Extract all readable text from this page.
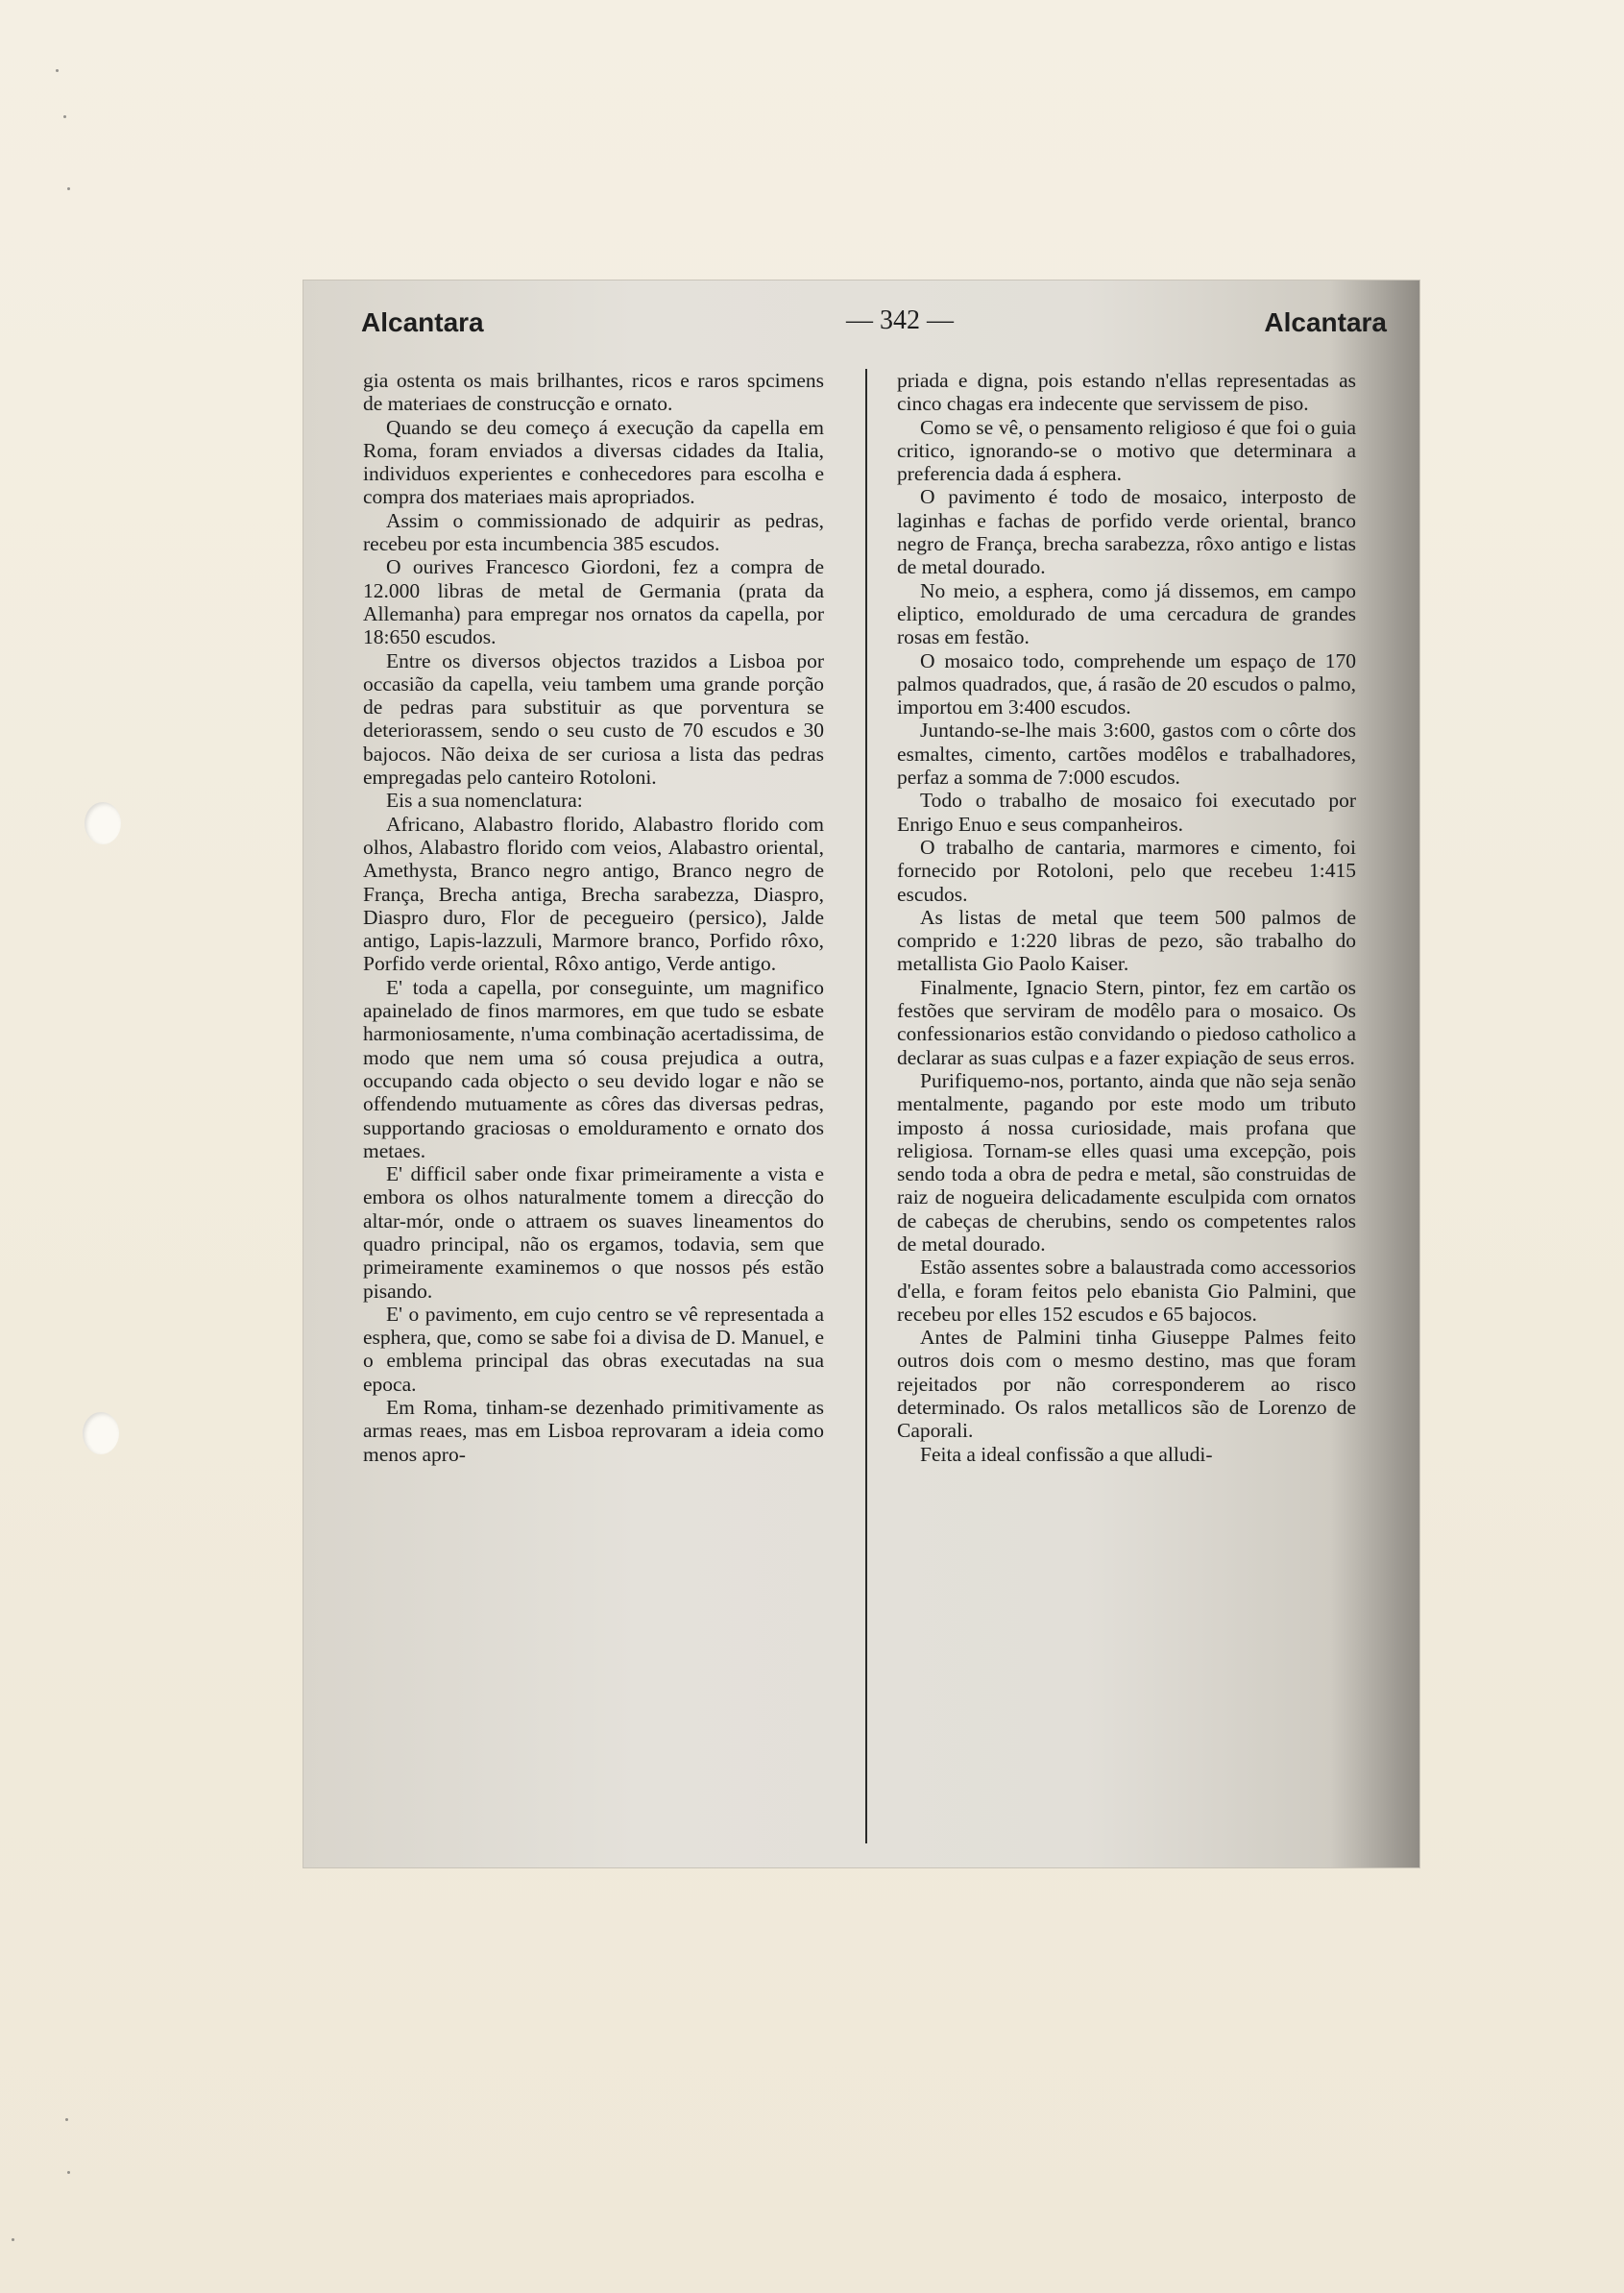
Alcantara	— 342 —	Alcantara

gia ostenta os mais brilhantes, ricos e raros spcimens de materiaes de construcção e ornato.

Quando se deu começo á execução da capella em Roma, foram enviados a diversas cidades da Italia, individuos experientes e conhecedores para escolha e compra dos materiaes mais apropriados.

Assim o commissionado de adquirir as pedras, recebeu por esta incumbencia 385 escudos.

O ourives Francesco Giordoni, fez a compra de 12.000 libras de metal de Germania (prata da Allemanha) para empregar nos ornatos da capella, por 18:650 escudos.

Entre os diversos objectos trazidos a Lisboa por occasião da capella, veiu tambem uma grande porção de pedras para substituir as que porventura se deteriorassem, sendo o seu custo de 70 escudos e 30 bajocos. Não deixa de ser curiosa a lista das pedras empregadas pelo canteiro Rotoloni.

Eis a sua nomenclatura:

Africano, Alabastro florido, Alabastro florido com olhos, Alabastro florido com veios, Alabastro oriental, Amethysta, Branco negro antigo, Branco negro de França, Brecha antiga, Brecha sarabezza, Diaspro, Diaspro duro, Flor de pecegueiro (persico), Jalde antigo, Lapis-lazzuli, Marmore branco, Porfido rôxo, Porfido verde oriental, Rôxo antigo, Verde antigo.

E' toda a capella, por conseguinte, um magnifico apainelado de finos marmores, em que tudo se esbate harmoniosamente, n'uma combinação acertadissima, de modo que nem uma só cousa prejudica a outra, occupando cada objecto o seu devido logar e não se offendendo mutuamente as côres das diversas pedras, supportando graciosas o emolduramento e ornato dos metaes.

E' difficil saber onde fixar primeiramente a vista e embora os olhos naturalmente tomem a direcção do altar-mór, onde o attraem os suaves lineamentos do quadro principal, não os ergamos, todavia, sem que primeiramente examinemos o que nossos pés estão pisando.

E' o pavimento, em cujo centro se vê representada a esphera, que, como se sabe foi a divisa de D. Manuel, e o emblema principal das obras executadas na sua epoca.

Em Roma, tinham-se dezenhado primitivamente as armas reaes, mas em Lisboa reprovaram a ideia como menos apro-

priada e digna, pois estando n'ellas representadas as cinco chagas era indecente que servissem de piso.

Como se vê, o pensamento religioso é que foi o guia critico, ignorando-se o motivo que determinara a preferencia dada á esphera.

O pavimento é todo de mosaico, interposto de laginhas e fachas de porfido verde oriental, branco negro de França, brecha sarabezza, rôxo antigo e listas de metal dourado.

No meio, a esphera, como já dissemos, em campo eliptico, emoldurado de uma cercadura de grandes rosas em festão.

O mosaico todo, comprehende um espaço de 170 palmos quadrados, que, á rasão de 20 escudos o palmo, importou em 3:400 escudos.

Juntando-se-lhe mais 3:600, gastos com o côrte dos esmaltes, cimento, cartões modêlos e trabalhadores, perfaz a somma de 7:000 escudos.

Todo o trabalho de mosaico foi executado por Enrigo Enuo e seus companheiros.

O trabalho de cantaria, marmores e cimento, foi fornecido por Rotoloni, pelo que recebeu 1:415 escudos.

As listas de metal que teem 500 palmos de comprido e 1:220 libras de pezo, são trabalho do metallista Gio Paolo Kaiser.

Finalmente, Ignacio Stern, pintor, fez em cartão os festões que serviram de modêlo para o mosaico. Os confessionarios estão convidando o piedoso catholico a declarar as suas culpas e a fazer expiação de seus erros.

Purifiquemo-nos, portanto, ainda que não seja senão mentalmente, pagando por este modo um tributo imposto á nossa curiosidade, mais profana que religiosa. Tornam-se elles quasi uma excepção, pois sendo toda a obra de pedra e metal, são construidas de raiz de nogueira delicadamente esculpida com ornatos de cabeças de cherubins, sendo os competentes ralos de metal dourado.

Estão assentes sobre a balaustrada como accessorios d'ella, e foram feitos pelo ebanista Gio Palmini, que recebeu por elles 152 escudos e 65 bajocos.

Antes de Palmini tinha Giuseppe Palmes feito outros dois com o mesmo destino, mas que foram rejeitados por não corresponderem ao risco determinado. Os ralos metallicos são de Lorenzo de Caporali.

Feita a ideal confissão a que alludi-
